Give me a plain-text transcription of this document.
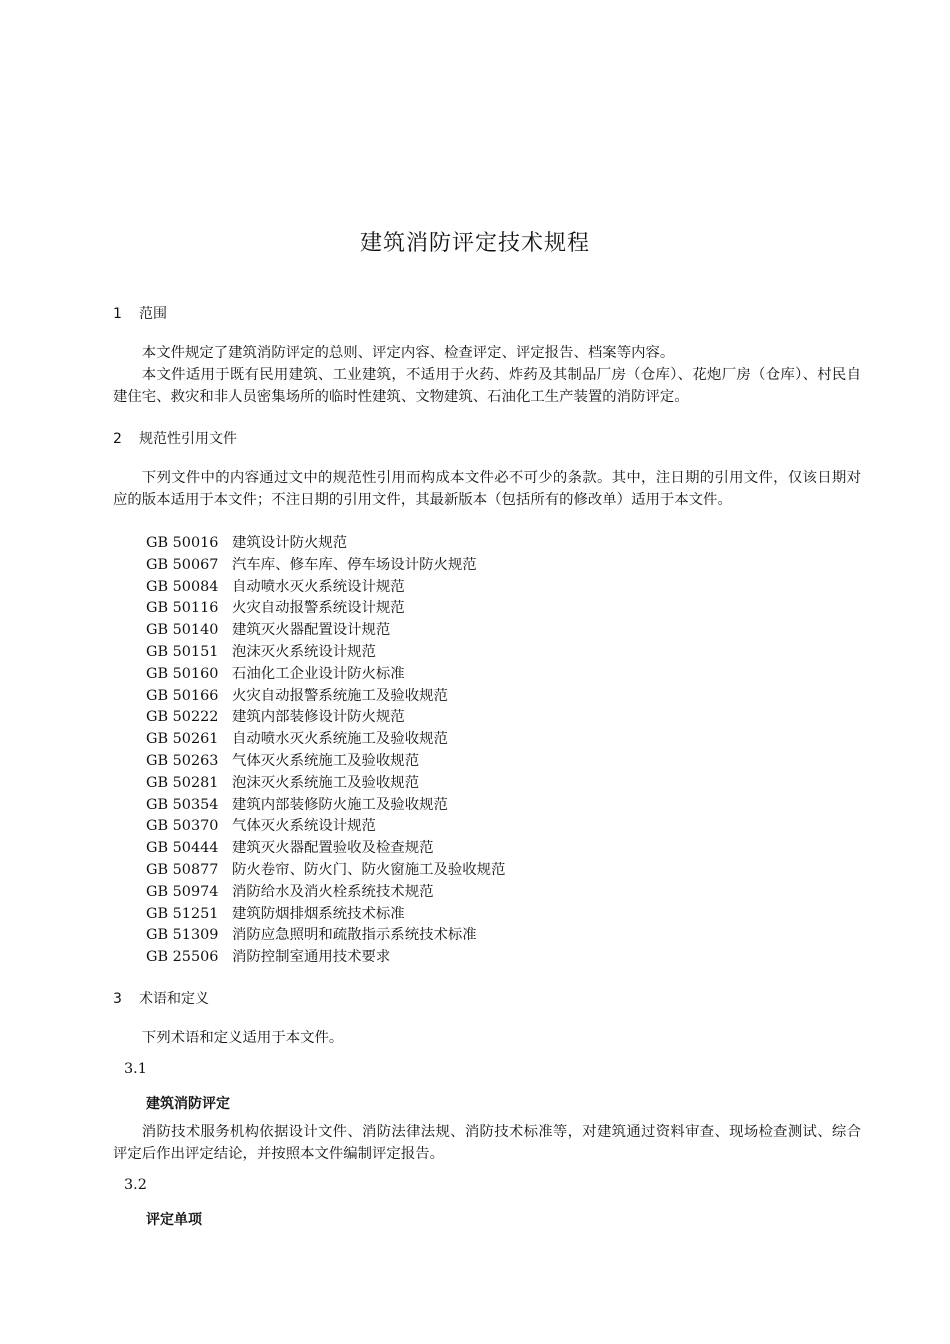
建筑消防评定技术规程
1 范围

本文件规定了建筑消防评定的总则、评定内容、检查评定、评定报告、档案等内容。

本文件适用于既有民用建筑、工业建筑，不适用于火药、炸药及其制品厂房（仓库）、花炮厂房（仓库）、村民自建住宅、救灾和非人员密集场所的临时性建筑、文物建筑、石油化工生产装置的消防评定。

2 规范性引用文件

下列文件中的内容通过文中的规范性引用而构成本文件必不可少的条款。其中，注日期的引用文件，仅该日期对应的版本适用于本文件；不注日期的引用文件，其最新版本（包括所有的修改单）适用于本文件。

GB 50016 建筑设计防火规范
GB 50067 汽车库、修车库、停车场设计防火规范
GB 50084 自动喷水灭火系统设计规范
GB 50116 火灾自动报警系统设计规范
GB 50140 建筑灭火器配置设计规范
GB 50151 泡沫灭火系统设计规范
GB 50160 石油化工企业设计防火标准
GB 50166 火灾自动报警系统施工及验收规范
GB 50222 建筑内部装修设计防火规范
GB 50261 自动喷水灭火系统施工及验收规范
GB 50263 气体灭火系统施工及验收规范
GB 50281 泡沫灭火系统施工及验收规范
GB 50354 建筑内部装修防火施工及验收规范
GB 50370 气体灭火系统设计规范
GB 50444 建筑灭火器配置验收及检查规范
GB 50877 防火卷帘、防火门、防火窗施工及验收规范
GB 50974 消防给水及消火栓系统技术规范
GB 51251 建筑防烟排烟系统技术标准
GB 51309 消防应急照明和疏散指示系统技术标准
GB 25506 消防控制室通用技术要求
3 术语和定义

下列术语和定义适用于本文件。

3.1
建筑消防评定

消防技术服务机构依据设计文件、消防法律法规、消防技术标准等，对建筑通过资料审查、现场检查测试、综合评定后作出评定结论，并按照本文件编制评定报告。

3.2
评定单项
